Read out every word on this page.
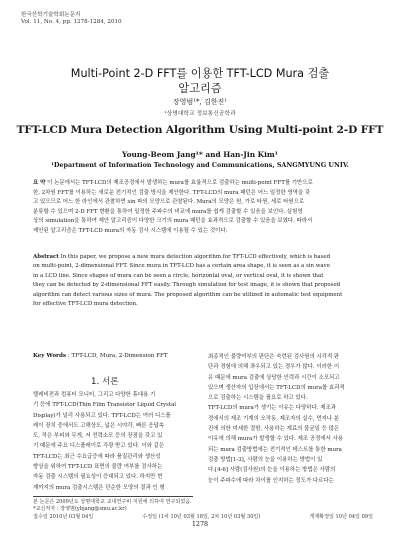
한국산학기술학회논문지
Vol. 11, No. 4, pp. 1278-1284, 2010
Multi-Point 2-D FFT를 이용한 TFT-LCD Mura 검출
알고리즘
장영범¹*, 김한진¹
¹상명대학교 정보통신공학과
TFT-LCD Mura Detection Algorithm Using Multi-point 2-D FFT
Young-Beom Jang¹* and Han-Jin Kim¹
¹Department of Information Technology and Communications, SANGMYUNG UNIV.
요 약 이 논문에서는 TFT-LCD의 제조공정에서 발생하는 mura를 효율적으로 검출하는 multi-point FFT를 기반으로
한, 2차원 FFT를 이용하는 새로운 전기적인 검출 방식을 제안한다. TFT-LCD의 mura 패턴은 어느 일정한 영역을 갖
고 있으므로 어느 한 라인에서 관찰하면 sin 파의 모양으로 관찰된다. Mura의 모양은 원, 가로 타원, 세로 타원으로
분류할 수 있으며 2-D FFT 변환을 통하여 일정한 주파수의 비교에 mura를 쉽게 검출할 수 있음을 보인다. 실험영
상의 simulation을 통하여 제안 알고리즘이 다양한 크기의 mura 패턴을 효과적으로 검출할 수 있음을 보였다. 따라서
제안된 알고리즘은 TFT-LCD mura의 자동 검사 시스템에 이용될 수 있는 것이다.
Abstract In this paper, we propose a new mura detection algorithm for TFT-LCD effectively, which is based
on multi-point, 2-dimensional FFT. Since mura in TFT-LCD has a certain area shape, it is seen as a sin wave
in a LCD line. Since shapes of mura can be seen a circle, horizontal oval, or vertical oval, it is shown that
they can be detected by 2-dimensional FFT easily. Through simulation for test image, it is shown that proposed
algorithm can detect various sizes of mura. The proposed algorithm can be utilized in automatic test equipment
for effective TFT-LCD mura detection.
Key Words : TFT-LCD, Mura, 2-Dimension FFT
1. 서론
텔레비전과 컴퓨터 모니터, 그리고 다양한 휴대용 기
기 등에 TFT-LCD(Thin Film Transistor Liquid Crystal
Display)가 널리 사용되고 있다. TFT-LCD는 여러 디스플
레이 장치 중에서도 고해상도, 넓은 시야각, 빠른 응답속
도, 작은 부피와 무게, 저 전력소모 등의 장점을 갖고 있
기 때문에 주요 디스플레이로 각광 받고 있다. 이와 같은
TFT-LCD는 최근 수요급증에 따라 품질관리와 생산성
향상을 위하여 TFT-LCD 표면의 불량 여부를 검사하는
자동 검출 시스템의 필요성이 증대되고 있다. 하지만 현
재까지의 mura 검출시스템은 단순한 모양의 결과 인 형
최종적인 불량여부의 판단은 숙련된 검사원의 시각적 판
단과 경험에 의해 좌우되고 있는 경우가 많다. 이러한 이
유 때문에 mura 검출에 상당한 인력과 시간이 소모되고
있으며 생산자의 입장에서는 TFT-LCD의 mura를 효과적
으로 검출하는 시스템을 필요로 하고 있다.
TFT-LCD의 mura가 생기는 이유는 다양하다. 제조과
정에서의 제조 기계의 오작동, 제조자의 실수, 먼지나 분
진에 의한 미세한 결함, 사용하는 재료의 불균일 등 많은
이유에 의해 mura가 발생할 수 있다. 제조 공정에서 사용
되는 mura 검출방법에는 전기적인 테스트를 통한 mura
검출 방법[1-3], 사람의 눈을 이용하는 방법이 있
다.[4-6] 사람(검사원)의 눈을 이용하는 방법은 사람의
눈이 주파수에 따라 차이를 인지하는 정도가 다르다는
본 논문은 2009년도 상명대학교 교내연구비 지원에 의하여 연구되었음.
*교신저자 : 장영범(ybjang@smu.ac.kr)
접수일 2010년 03월 04일	수정일 (1차 10년 03월 18일, 2차 10년 03월 30일)	게재확정일 10년 04일 09일
1278
